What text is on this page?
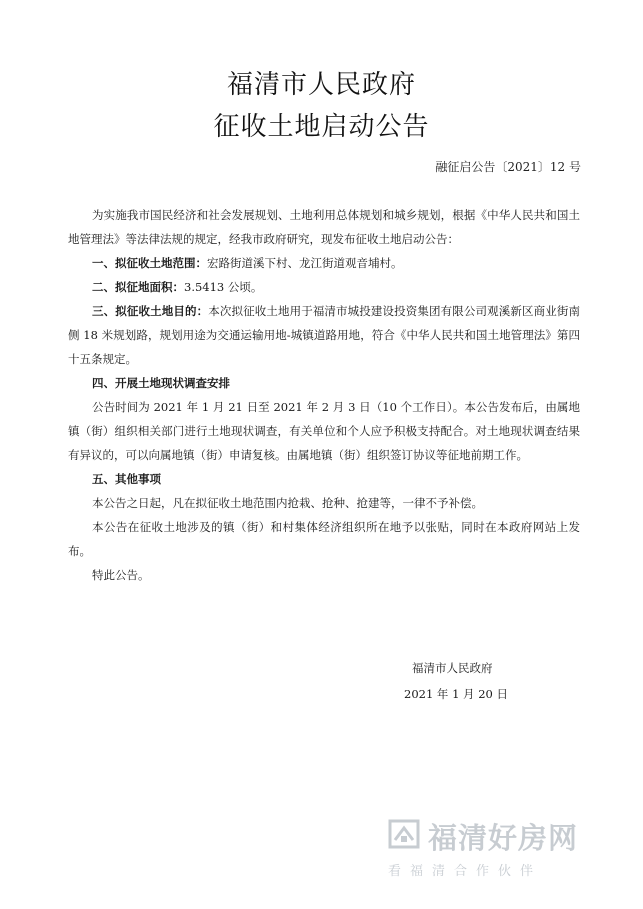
福清市人民政府
征收土地启动公告
融征启公告〔2021〕12 号

为实施我市国民经济和社会发展规划、土地利用总体规划和城乡规划，根据《中华人民共和国土地管理法》等法律法规的规定，经我市政府研究，现发布征收土地启动公告：

一、拟征收土地范围：宏路街道溪下村、龙江街道观音埔村。

二、拟征地面积：3.5413 公顷。

三、拟征收土地目的：本次拟征收土地用于福清市城投建设投资集团有限公司观溪新区商业街南侧 18 米规划路，规划用途为交通运输用地-城镇道路用地，符合《中华人民共和国土地管理法》第四十五条规定。

四、开展土地现状调查安排

公告时间为 2021 年 1 月 21 日至 2021 年 2 月 3 日（10 个工作日）。本公告发布后，由属地镇（街）组织相关部门进行土地现状调查，有关单位和个人应予积极支持配合。对土地现状调查结果有异议的，可以向属地镇（街）申请复核。由属地镇（街）组织签订协议等征地前期工作。

五、其他事项

本公告之日起，凡在拟征收土地范围内抢栽、抢种、抢建等，一律不予补偿。

本公告在征收土地涉及的镇（街）和村集体经济组织所在地予以张贴，同时在本政府网站上发布。

特此公告。

福清市人民政府
2021 年 1 月 20 日
福清好房网
看福清合作伙伴
